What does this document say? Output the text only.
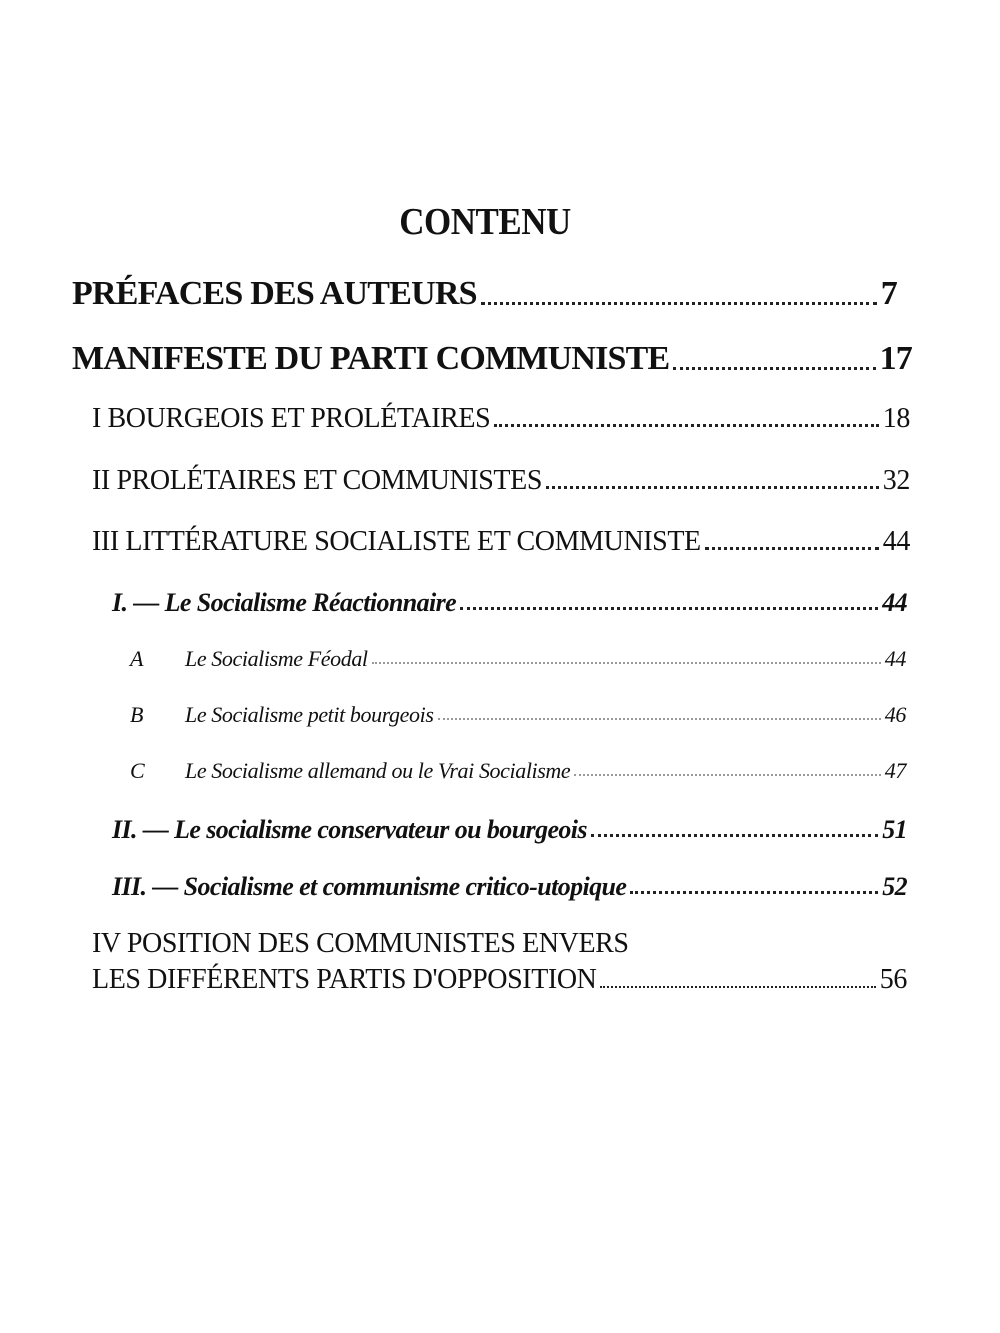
CONTENU
PRÉFACES DES AUTEURS	7
MANIFESTE DU PARTI COMMUNISTE	17
I BOURGEOIS ET PROLÉTAIRES	18
II PROLÉTAIRES ET COMMUNISTES	32
III LITTÉRATURE SOCIALISTE ET COMMUNISTE	44
I. — Le Socialisme Réactionnaire	44
A	Le Socialisme Féodal	44
B	Le Socialisme petit bourgeois	46
C	Le Socialisme allemand ou le Vrai Socialisme	47
II. — Le socialisme conservateur ou bourgeois	51
III. — Socialisme et communisme critico-utopique	52
IV POSITION DES COMMUNISTES ENVERS
LES DIFFÉRENTS PARTIS D'OPPOSITION	56
